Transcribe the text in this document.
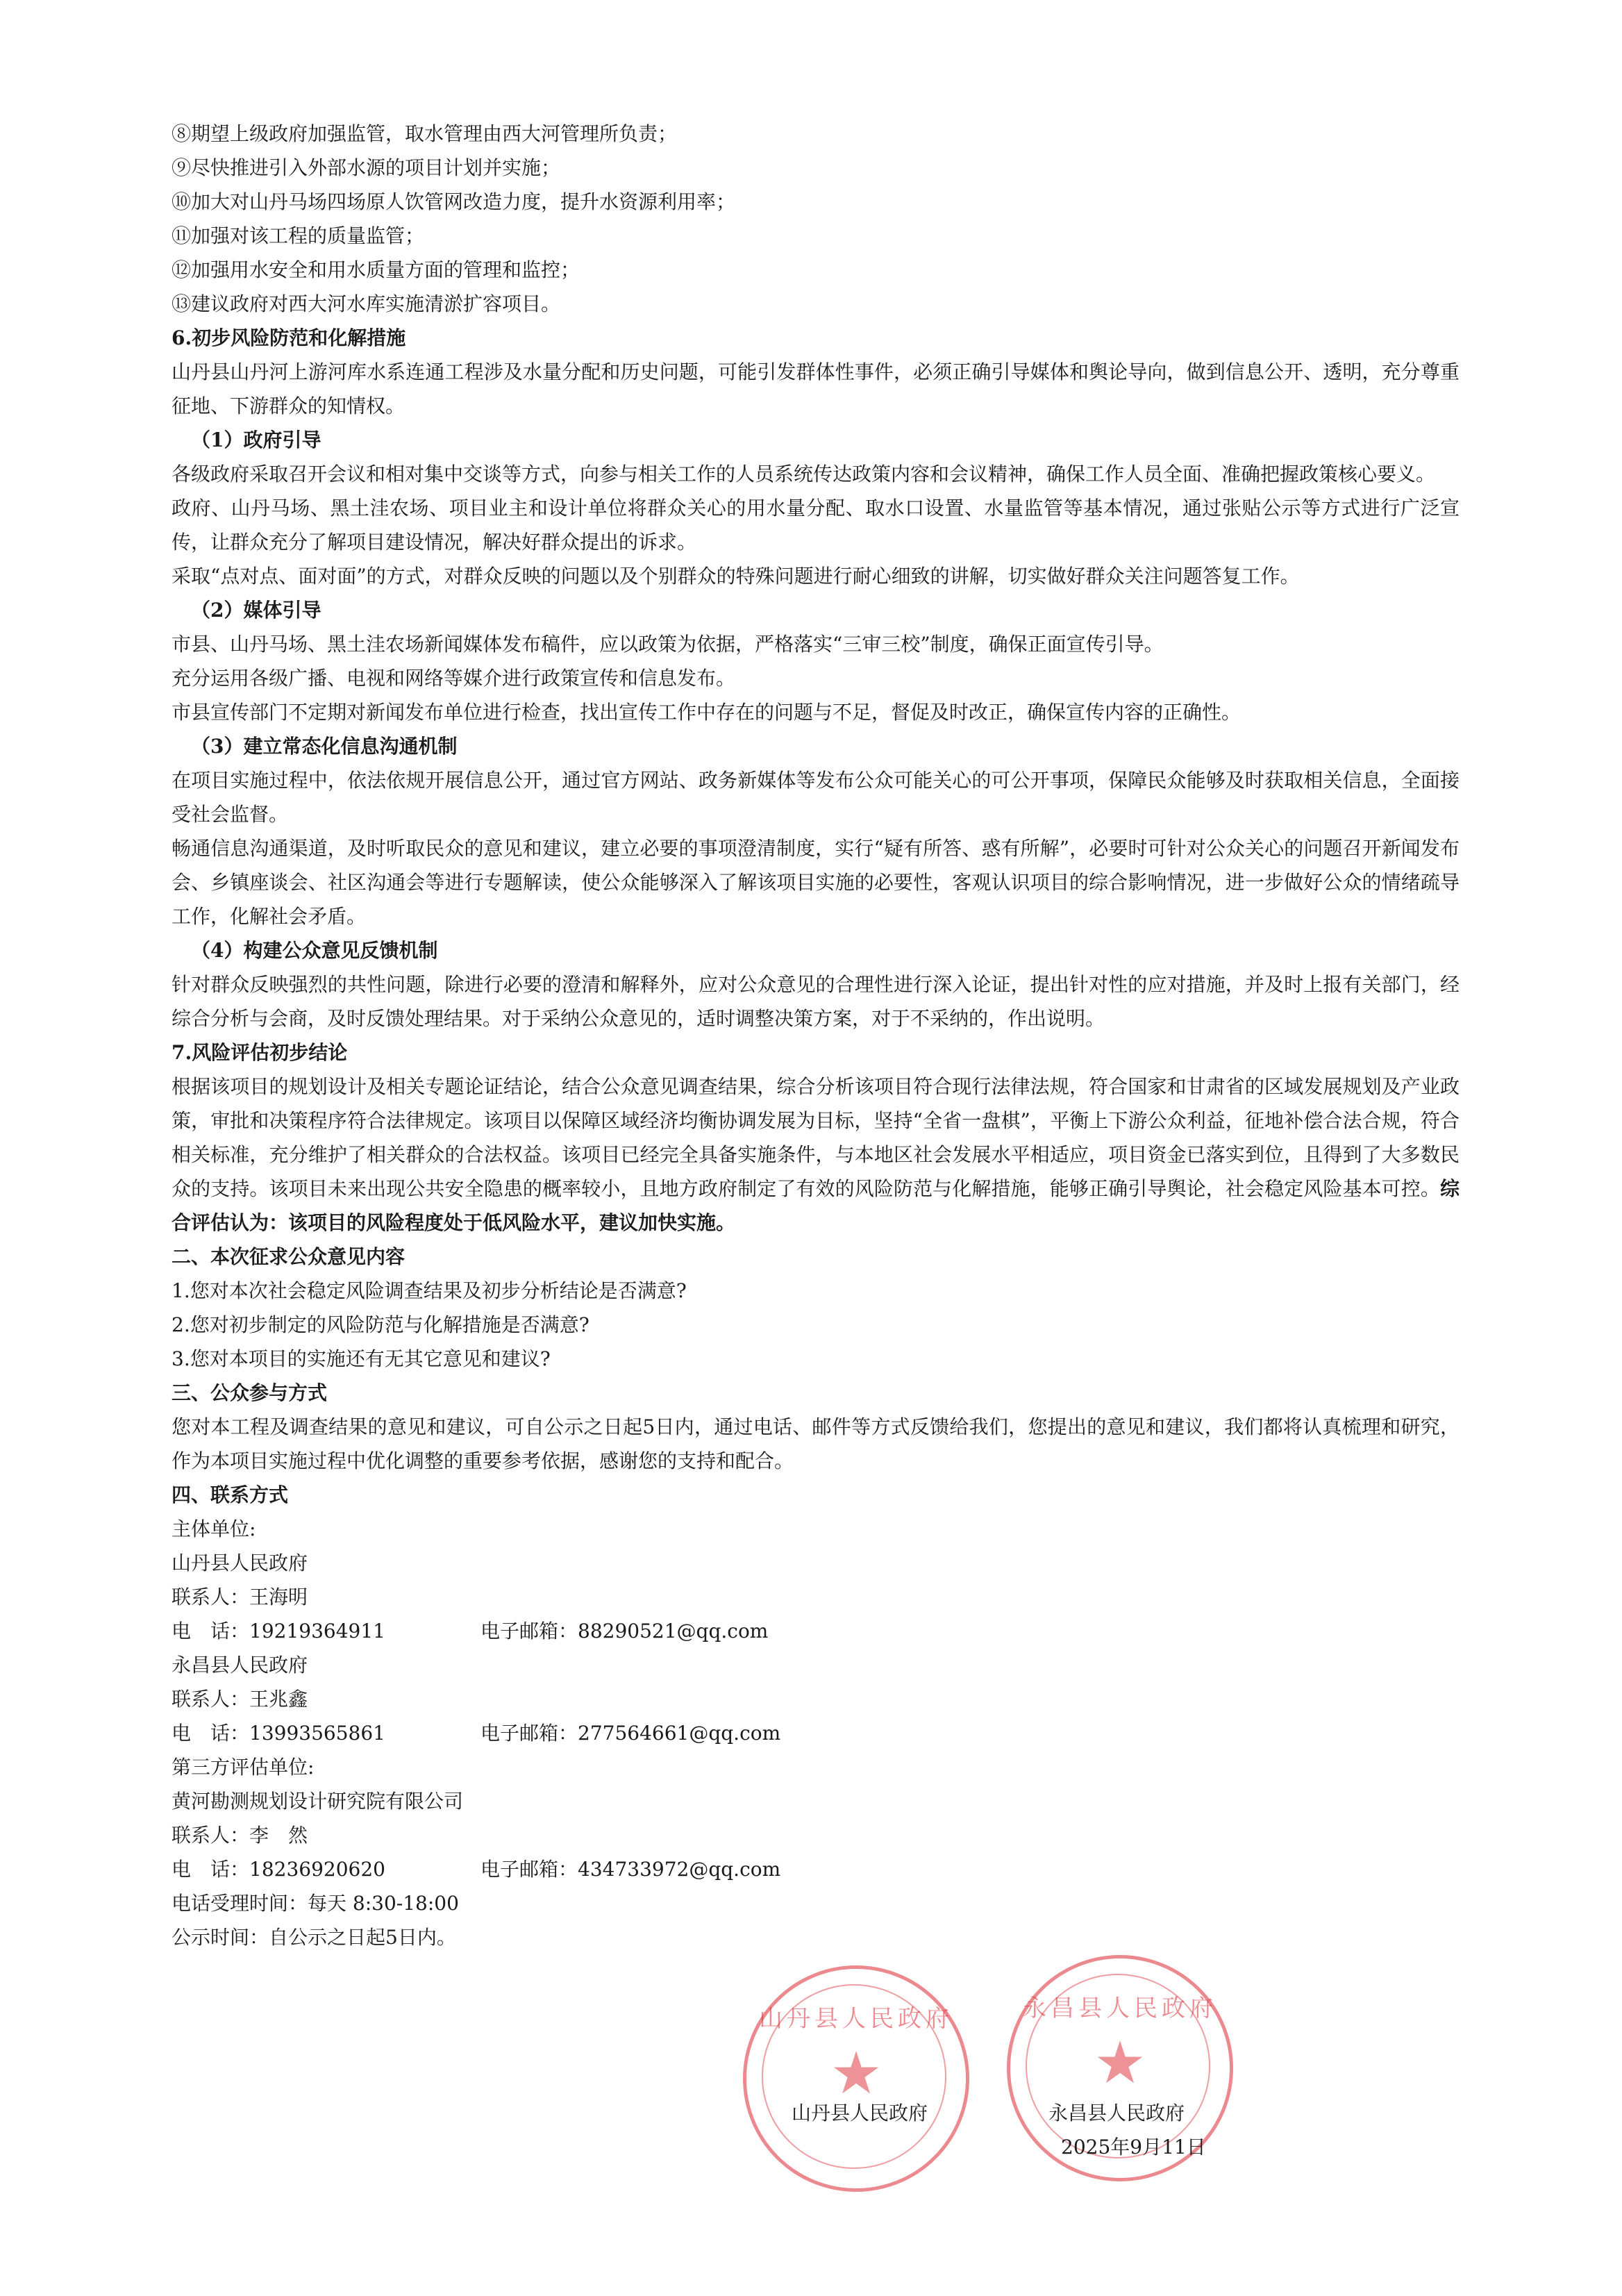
⑧期望上级政府加强监管，取水管理由西大河管理所负责；

⑨尽快推进引入外部水源的项目计划并实施；

⑩加大对山丹马场四场原人饮管网改造力度，提升水资源利用率；

⑪加强对该工程的质量监管；

⑫加强用水安全和用水质量方面的管理和监控；

⑬建议政府对西大河水库实施清淤扩容项目。

6.初步风险防范和化解措施

山丹县山丹河上游河库水系连通工程涉及水量分配和历史问题，可能引发群体性事件，必须正确引导媒体和舆论导向，做到信息公开、透明，充分尊重征地、下游群众的知情权。

（1）政府引导

各级政府采取召开会议和相对集中交谈等方式，向参与相关工作的人员系统传达政策内容和会议精神，确保工作人员全面、准确把握政策核心要义。

政府、山丹马场、黑土洼农场、项目业主和设计单位将群众关心的用水量分配、取水口设置、水量监管等基本情况，通过张贴公示等方式进行广泛宣传，让群众充分了解项目建设情况，解决好群众提出的诉求。

采取“点对点、面对面”的方式，对群众反映的问题以及个别群众的特殊问题进行耐心细致的讲解，切实做好群众关注问题答复工作。

（2）媒体引导

市县、山丹马场、黑土洼农场新闻媒体发布稿件，应以政策为依据，严格落实“三审三校”制度，确保正面宣传引导。

充分运用各级广播、电视和网络等媒介进行政策宣传和信息发布。

市县宣传部门不定期对新闻发布单位进行检查，找出宣传工作中存在的问题与不足，督促及时改正，确保宣传内容的正确性。

（3）建立常态化信息沟通机制

在项目实施过程中，依法依规开展信息公开，通过官方网站、政务新媒体等发布公众可能关心的可公开事项，保障民众能够及时获取相关信息，全面接受社会监督。

畅通信息沟通渠道，及时听取民众的意见和建议，建立必要的事项澄清制度，实行“疑有所答、惑有所解”，必要时可针对公众关心的问题召开新闻发布会、乡镇座谈会、社区沟通会等进行专题解读，使公众能够深入了解该项目实施的必要性，客观认识项目的综合影响情况，进一步做好公众的情绪疏导工作，化解社会矛盾。

（4）构建公众意见反馈机制

针对群众反映强烈的共性问题，除进行必要的澄清和解释外，应对公众意见的合理性进行深入论证，提出针对性的应对措施，并及时上报有关部门，经综合分析与会商，及时反馈处理结果。对于采纳公众意见的，适时调整决策方案，对于不采纳的，作出说明。

7.风险评估初步结论

根据该项目的规划设计及相关专题论证结论，结合公众意见调查结果，综合分析该项目符合现行法律法规，符合国家和甘肃省的区域发展规划及产业政策，审批和决策程序符合法律规定。该项目以保障区域经济均衡协调发展为目标，坚持“全省一盘棋”，平衡上下游公众利益，征地补偿合法合规，符合相关标准，充分维护了相关群众的合法权益。该项目已经完全具备实施条件，与本地区社会发展水平相适应，项目资金已落实到位，且得到了大多数民众的支持。该项目未来出现公共安全隐患的概率较小，且地方政府制定了有效的风险防范与化解措施，能够正确引导舆论，社会稳定风险基本可控。综合评估认为：该项目的风险程度处于低风险水平，建议加快实施。

二、本次征求公众意见内容

1.您对本次社会稳定风险调查结果及初步分析结论是否满意?

2.您对初步制定的风险防范与化解措施是否满意?

3.您对本项目的实施还有无其它意见和建议?

三、公众参与方式

您对本工程及调查结果的意见和建议，可自公示之日起5日内，通过电话、邮件等方式反馈给我们，您提出的意见和建议，我们都将认真梳理和研究，作为本项目实施过程中优化调整的重要参考依据，感谢您的支持和配合。

四、联系方式

主体单位:

山丹县人民政府

联系人：王海明

电　话：19219364911	电子邮箱：88290521@qq.com

永昌县人民政府

联系人：王兆鑫

电　话：13993565861	电子邮箱：277564661@qq.com

第三方评估单位:

黄河勘测规划设计研究院有限公司

联系人：李　然

电　话：18236920620	电子邮箱：434733972@qq.com

电话受理时间：每天 8:30-18:00

公示时间：自公示之日起5日内。

山丹县人民政府
★
永昌县人民政府
★
山丹县人民政府	永昌县人民政府
2025年9月11日
